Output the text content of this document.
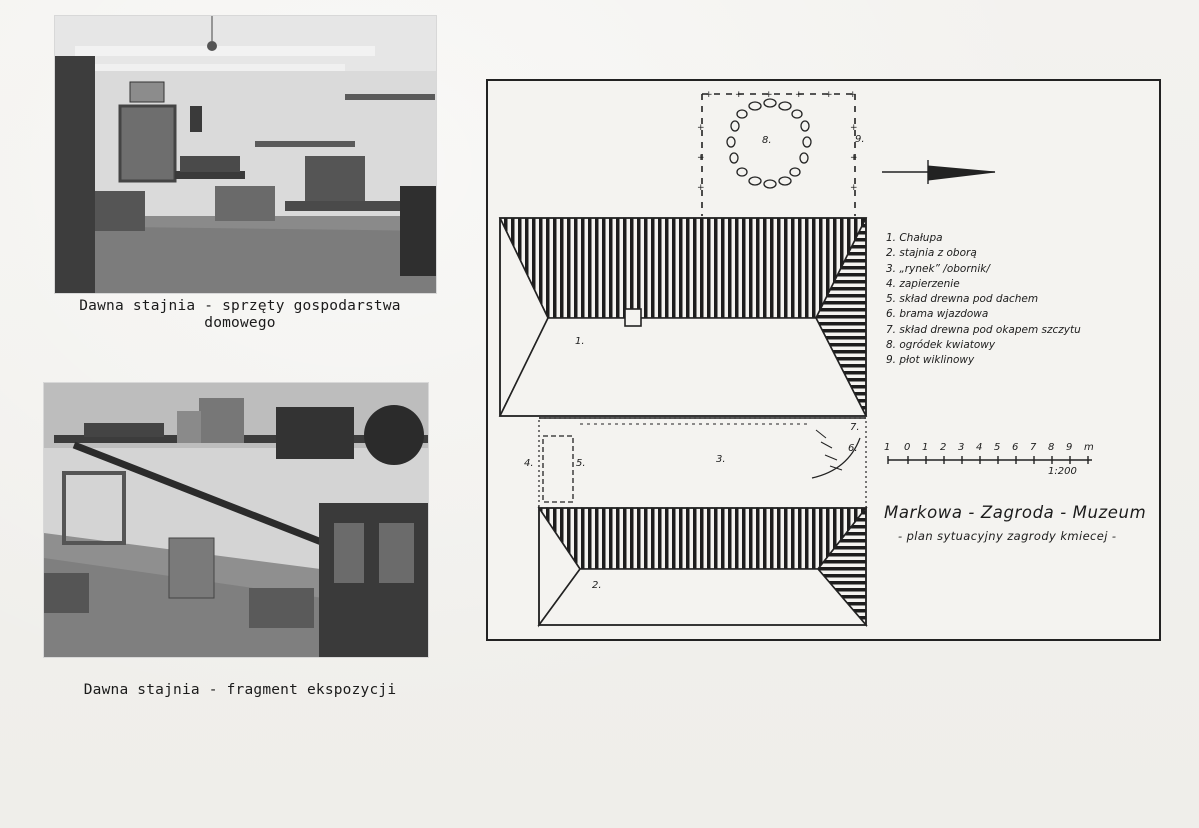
Dawna stajnia - sprzęty gospodarstwa
domowego
Dawna stajnia - fragment ekspozycji
+ + + + + +
+
+
+
+
+
+
1.
2.
3.
4.	5.
6.
7.
8.	9.
1. Chałupa
2. stajnia z oborą
3. „rynek” /obornik/
4. zapierzenie
5. skład drewna pod dachem
6. brama wjazdowa
7. skład drewna pod okapem szczytu
8. ogródek kwiatowy
9. płot wiklinowy
1 0 1 2 3 4 5 6 7 8 9 m
1:200
Markowa - Zagroda - Muzeum
- plan sytuacyjny zagrody kmiecej -
